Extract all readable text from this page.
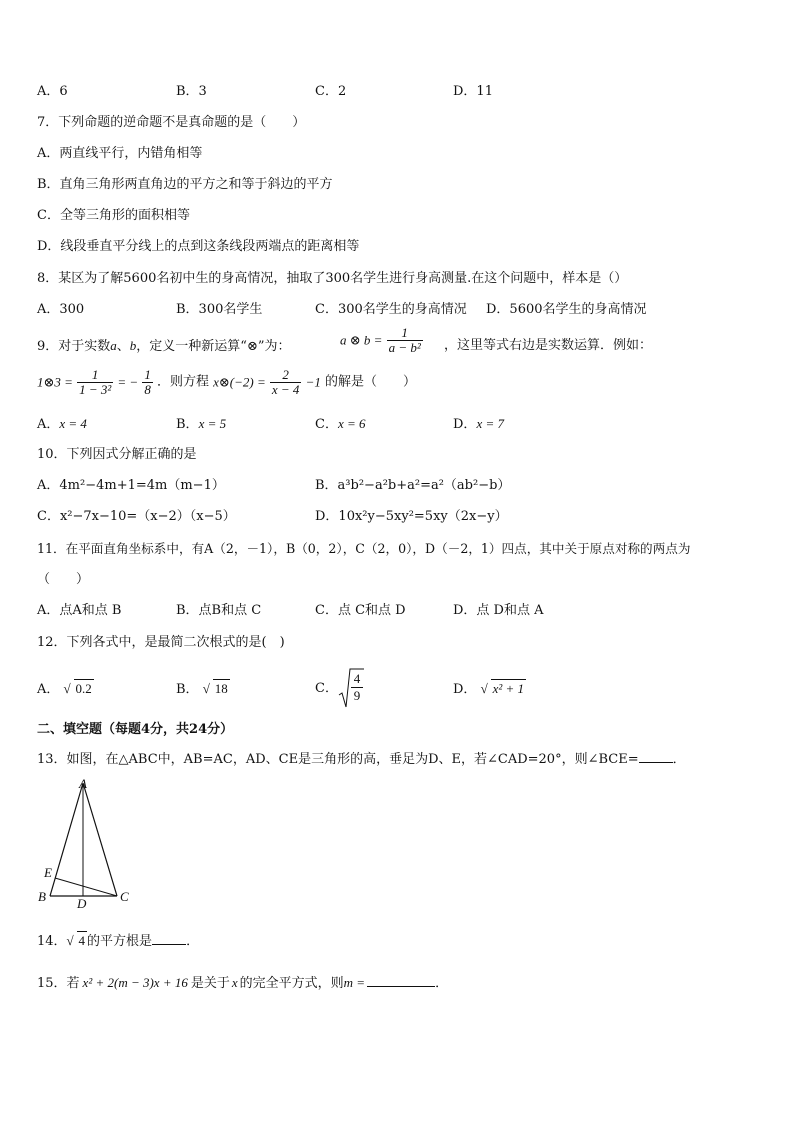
A．6	B．3	C．2	D．11
7．下列命题的逆命题不是真命题的是（　　）
A．两直线平行，内错角相等
B．直角三角形两直角边的平方之和等于斜边的平方
C．全等三角形的面积相等
D．线段垂直平分线上的点到这条线段两端点的距离相等
8．某区为了解5600名初中生的身高情况，抽取了300名学生进行身高测量.在这个问题中，样本是（）
A．300	B．300名学生	C．300名学生的身高情况 D．5600名学生的身高情况
9．对于实数a、b，定义一种新运算“⊗”为：	a ⊗ $b = \frac{1}{\text{a − b²}}$ ，这里等式右边是实数运算．例如：
1⊗3 = $\frac{1}{\text{1 − 3²}}$ = − $\frac{1}{8}$ ．则方程 x⊗(−2) = $\frac{2}{x - 4} -1$ 的解是（　　）
A．x = 4	B．x = 5	C．x = 6	D．x = 7
10．下列因式分解正确的是
A．4m²−4m+1=4m（m−1）	B．a³b²−a²b+a²=a²（ab²−b）
C．x²−7x−10=（x−2）（x−5）	D．10x²y−5xy²=5xy（2x−y）
11．在平面直角坐标系中，有A（2，－1），B（0，2），C（2，0），D（－2，1）四点，其中关于原点对称的两点为
（　　）
A．点A和点 B	B．点B和点 C	C．点 C和点 D	D．点 D和点 A
12．下列各式中，是最简二次根式的是(　)
A． √ 0.2	B． √ 18	C． $\frac{4}{9}$	D． √ x² + 1
二、填空题（每题4分，共24分）
13．如图，在△ABC中，AB=AC，AD、CE是三角形的高，垂足为D、E，若∠CAD=20°，则∠BCE=	．
A
B	C
D
E
14． √ 4 的平方根是	．
15．若 x² + 2(m − 3)x + 16 是关于 x 的完全平方式，则m =	．
